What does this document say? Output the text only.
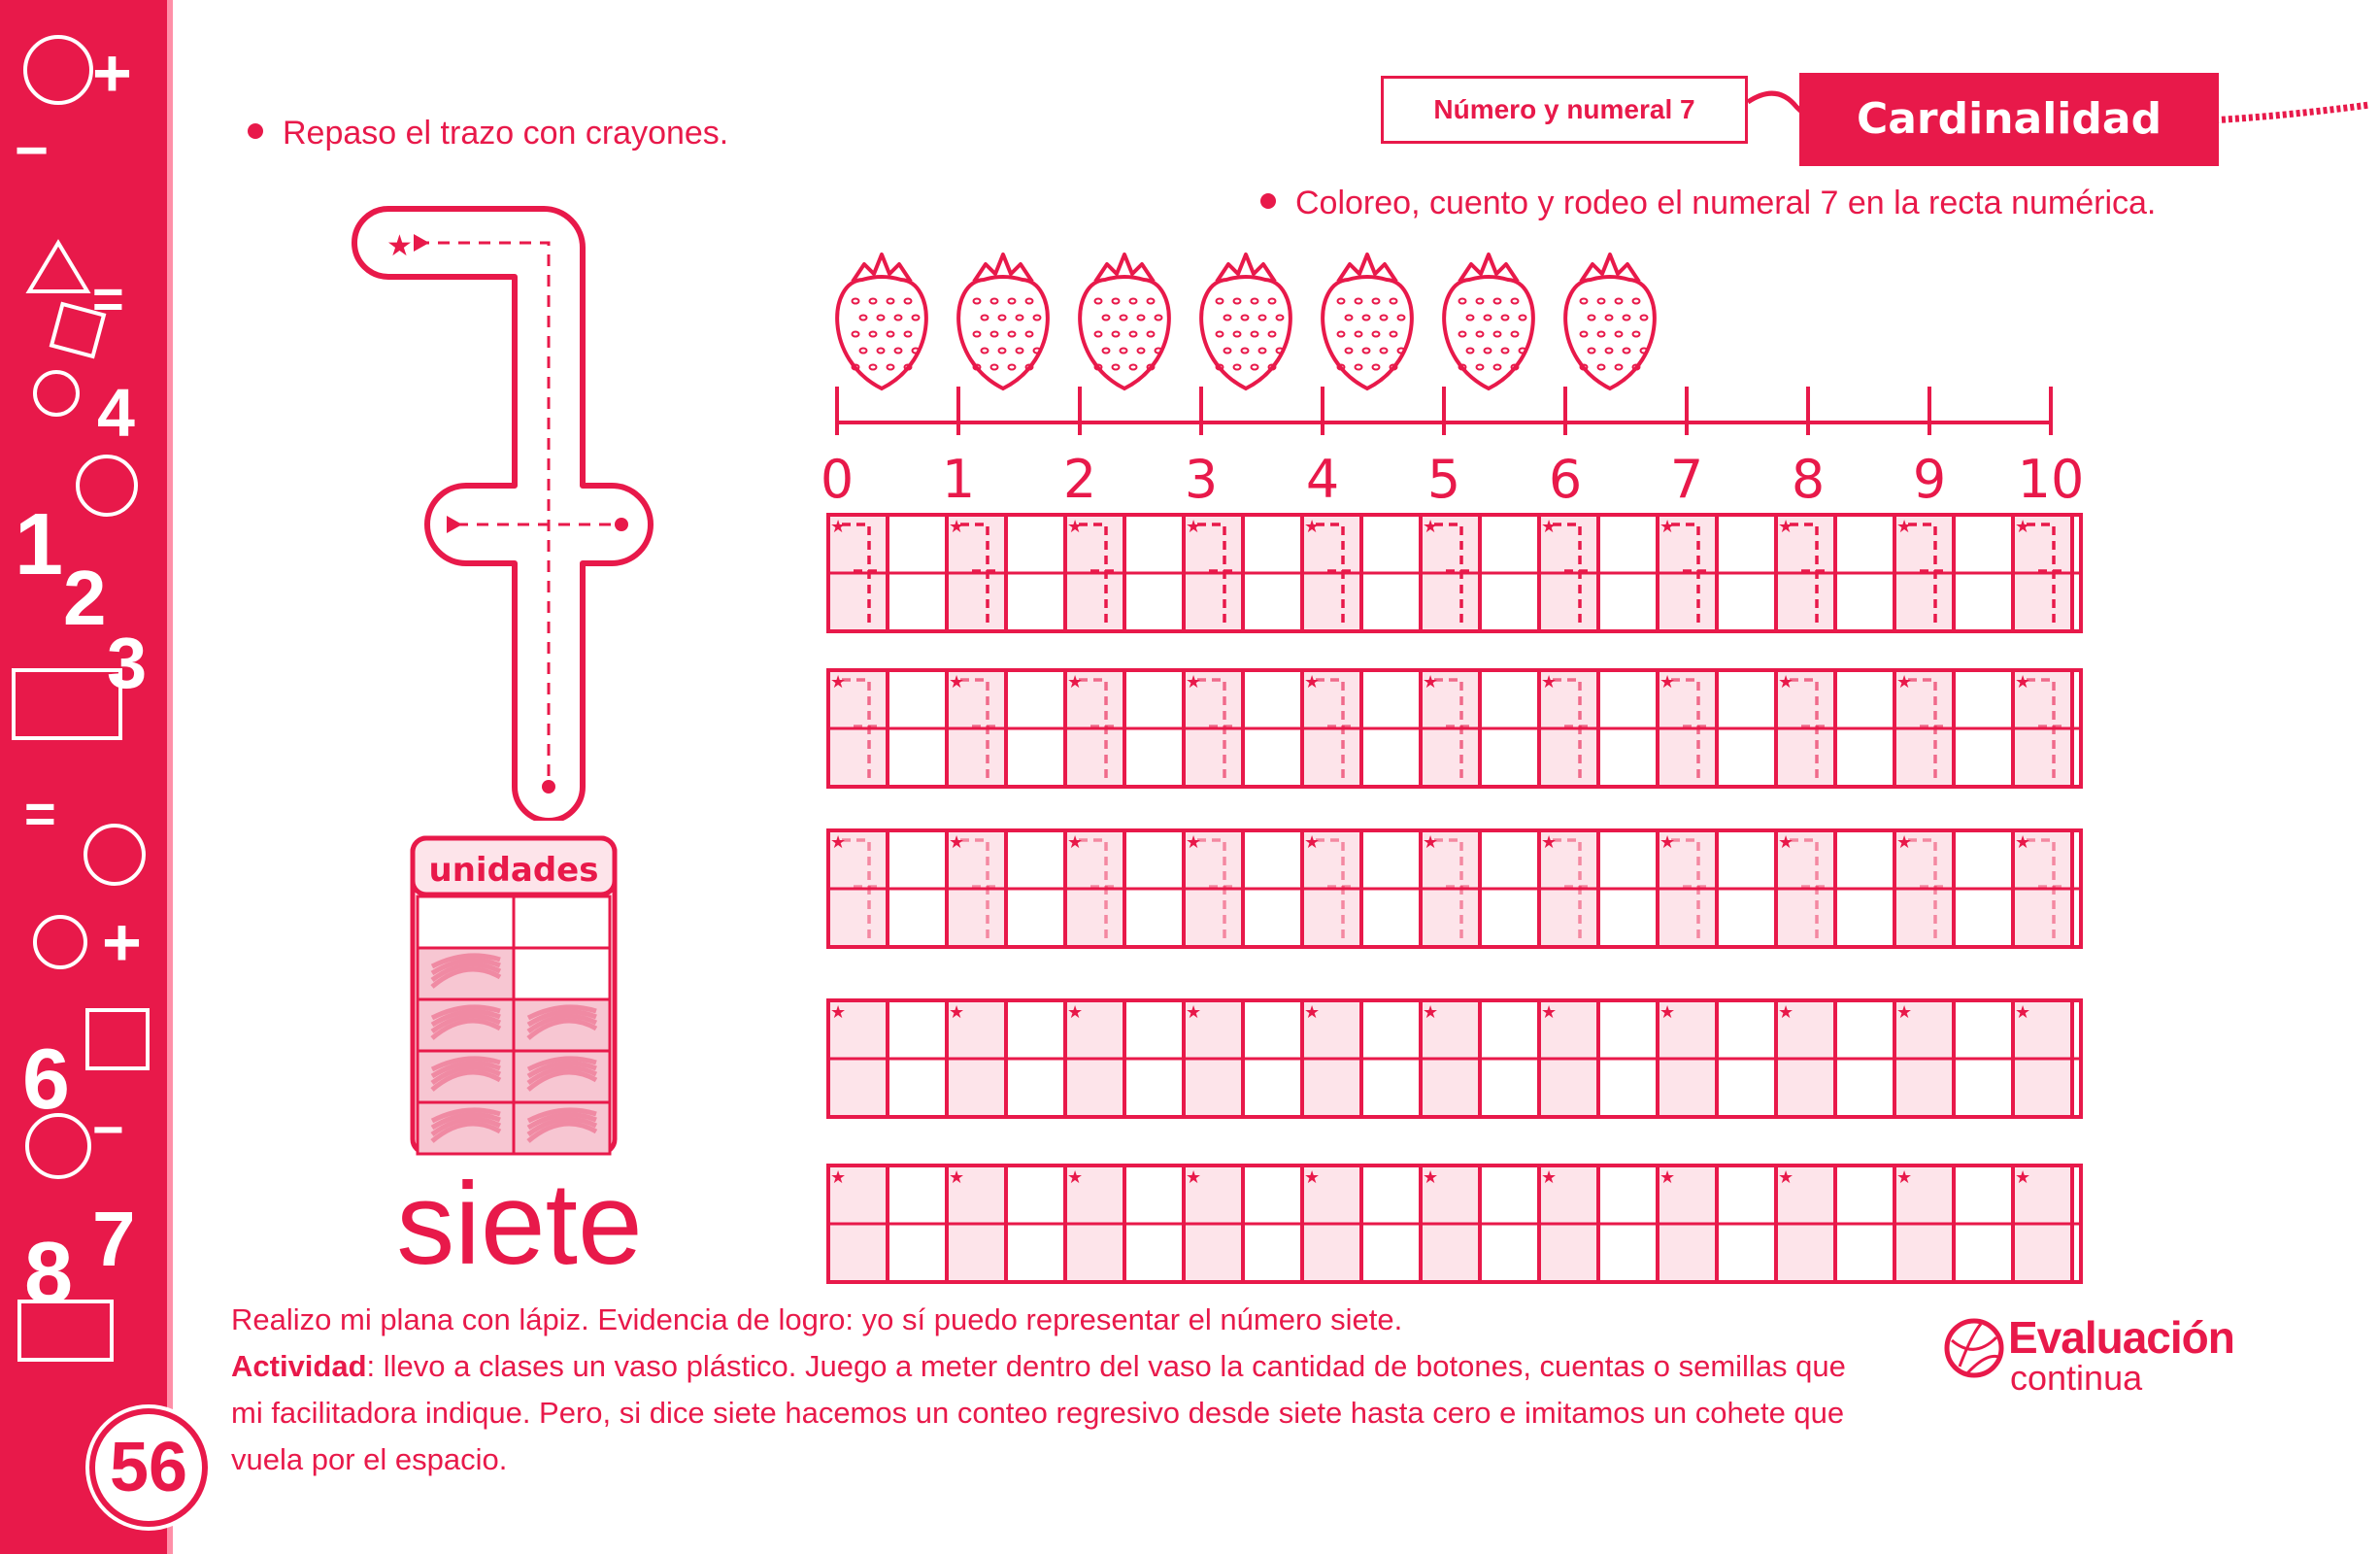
+
−
=
4
1
2
3
=
+
6
−
8 7
56
Número y numeral 7	Cardinalidad
Repaso el trazo con crayones.
Coloreo, cuento y rodeo el numeral 7 en la recta numérica.
★
unidades
siete
0 1 2 3 4 5 6 7 8 9 10
★	★	★	★	★	★	★	★	★	★	★
★	★	★	★	★	★	★	★	★	★	★
★	★	★	★	★	★	★	★	★	★	★
★	★	★	★	★	★	★	★	★	★	★
★	★	★	★	★	★	★	★	★	★	★
Realizo mi plana con lápiz. Evidencia de logro: yo sí puedo representar el número siete.
Actividad: llevo a clases un vaso plástico. Juego a meter dentro del vaso la cantidad de botones, cuentas o semillas que mi facilitadora indique. Pero, si dice siete hacemos un conteo regresivo desde siete hasta cero e imitamos un cohete que vuela por el espacio.
Evaluación
continua
